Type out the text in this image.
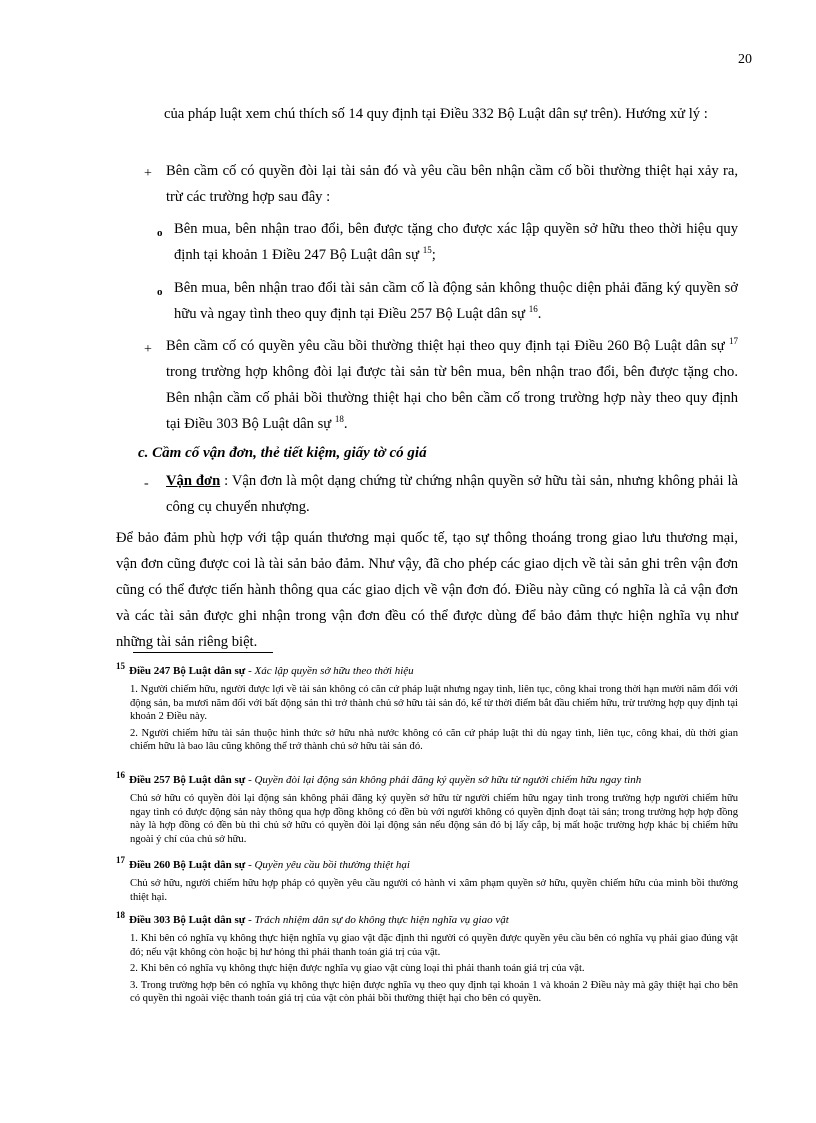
20
của pháp luật xem chú thích số 14 quy định tại Điều 332 Bộ Luật dân sự trên). Hướng xử lý :
+ Bên cầm cố có quyền đòi lại tài sản đó và yêu cầu bên nhận cầm cố bồi thường thiệt hại xảy ra, trừ các trường hợp sau đây :
o Bên mua, bên nhận trao đổi, bên được tặng cho được xác lập quyền sở hữu theo thời hiệu quy định tại khoản 1 Điều 247 Bộ Luật dân sự $^{15}$;
o Bên mua, bên nhận trao đổi tài sản cầm cố là động sản không thuộc diện phải đăng ký quyền sở hữu và ngay tình theo quy định tại Điều 257 Bộ Luật dân sự $^{16}$.
+ Bên cầm cố có quyền yêu cầu bồi thường thiệt hại theo quy định tại Điều 260 Bộ Luật dân sự $^{17}$ trong trường hợp không đòi lại được tài sản từ bên mua, bên nhận trao đổi, bên được tặng cho. Bên nhận cầm cố phải bồi thường thiệt hại cho bên cầm cố trong trường hợp này theo quy định tại Điều 303 Bộ Luật dân sự $^{18}$.
c. Cầm cố vận đơn, thẻ tiết kiệm, giấy tờ có giá
- Vận đơn : Vận đơn là một dạng chứng từ chứng nhận quyền sở hữu tài sản, nhưng không phải là công cụ chuyển nhượng.
Để bảo đảm phù hợp với tập quán thương mại quốc tế, tạo sự thông thoáng trong giao lưu thương mại, vận đơn cũng được coi là tài sản bảo đảm. Như vậy, đã cho phép các giao dịch về tài sản ghi trên vận đơn cũng có thể được tiến hành thông qua các giao dịch về vận đơn đó. Điều này cũng có nghĩa là cả vận đơn và các tài sản được ghi nhận trong vận đơn đều có thể được dùng để bảo đảm thực hiện nghĩa vụ như những tài sản riêng biệt.
$^{15}$ Điều 247 Bộ Luật dân sự - Xác lập quyền sở hữu theo thời hiệu

1. Người chiếm hữu, người được lợi về tài sản không có căn cứ pháp luật nhưng ngay tình, liên tục, công khai trong thời hạn mười năm đối với động sản, ba mươi năm đối với bất động sản thì trở thành chủ sở hữu tài sản đó, kể từ thời điểm bắt đầu chiếm hữu, trừ trường hợp quy định tại khoản 2 Điều này.

2. Người chiếm hữu tài sản thuộc hình thức sở hữu nhà nước không có căn cứ pháp luật thì dù ngay tình, liên tục, công khai, dù thời gian chiếm hữu là bao lâu cũng không thể trở thành chủ sở hữu tài sản đó.

$^{16}$ Điều 257 Bộ Luật dân sự - Quyền đòi lại động sản không phải đăng ký quyền sở hữu từ người chiếm hữu ngay tình

Chủ sở hữu có quyền đòi lại động sản không phải đăng ký quyền sở hữu từ người chiếm hữu ngay tình trong trường hợp người chiếm hữu ngay tình có được động sản này thông qua hợp đồng không có đền bù với người không có quyền định đoạt tài sản; trong trường hợp hợp đồng này là hợp đồng có đền bù thì chủ sở hữu có quyền đòi lại động sản nếu động sản đó bị lấy cắp, bị mất hoặc trường hợp khác bị chiếm hữu ngoài ý chí của chủ sở hữu.

$^{17}$ Điều 260 Bộ Luật dân sự - Quyền yêu cầu bồi thường thiệt hại

Chủ sở hữu, người chiếm hữu hợp pháp có quyền yêu cầu người có hành vi xâm phạm quyền sở hữu, quyền chiếm hữu của mình bồi thường thiệt hại.

$^{18}$ Điều 303 Bộ Luật dân sự - Trách nhiệm dân sự do không thực hiện nghĩa vụ giao vật

1. Khi bên có nghĩa vụ không thực hiện nghĩa vụ giao vật đặc định thì người có quyền được quyền yêu cầu bên có nghĩa vụ phải giao đúng vật đó; nếu vật không còn hoặc bị hư hỏng thì phải thanh toán giá trị của vật.

2. Khi bên có nghĩa vụ không thực hiện được nghĩa vụ giao vật cùng loại thì phải thanh toán giá trị của vật.

3. Trong trường hợp bên có nghĩa vụ không thực hiện được nghĩa vụ theo quy định tại khoản 1 và khoản 2 Điều này mà gây thiệt hại cho bên có quyền thì ngoài việc thanh toán giá trị của vật còn phải bồi thường thiệt hại cho bên có quyền.
